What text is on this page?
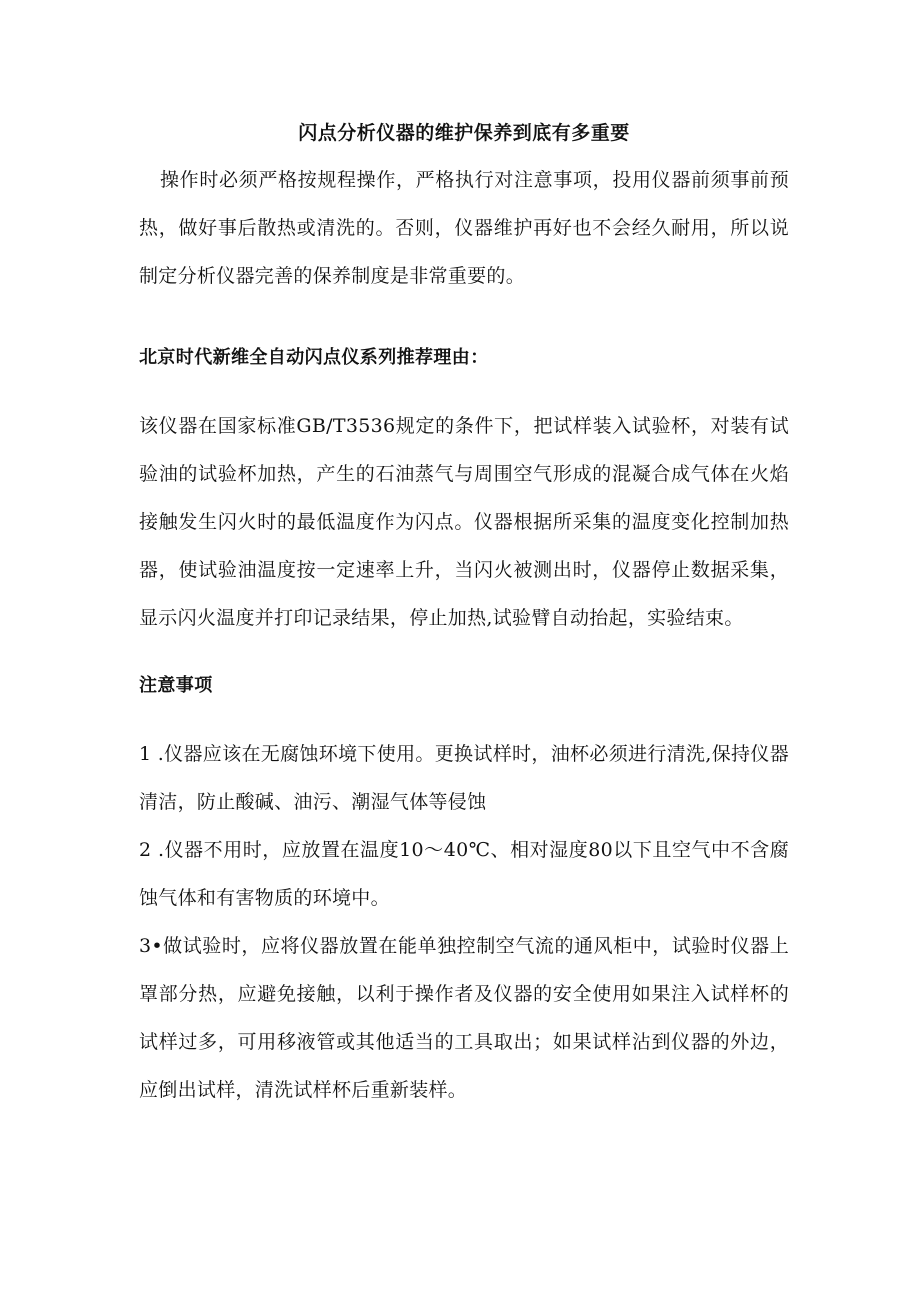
闪点分析仪器的维护保养到底有多重要

操作时必须严格按规程操作，严格执行对注意事项，投用仪器前须事前预热，做好事后散热或清洗的。否则，仪器维护再好也不会经久耐用，所以说制定分析仪器完善的保养制度是非常重要的。

北京时代新维全自动闪点仪系列推荐理由：

该仪器在国家标准GB/T3536规定的条件下，把试样装入试验杯，对装有试验油的试验杯加热，产生的石油蒸气与周围空气形成的混凝合成气体在火焰接触发生闪火时的最低温度作为闪点。仪器根据所采集的温度变化控制加热器，使试验油温度按一定速率上升，当闪火被测出时，仪器停止数据采集，显示闪火温度并打印记录结果，停止加热,试验臂自动抬起，实验结束。

注意事项

1 .仪器应该在无腐蚀环境下使用。更换试样时，油杯必须进行清洗,保持仪器清洁，防止酸碱、油污、潮湿气体等侵蚀

2 .仪器不用时，应放置在温度10～40℃、相对湿度80以下且空气中不含腐蚀气体和有害物质的环境中。

3•做试验时，应将仪器放置在能单独控制空气流的通风柜中，试验时仪器上罩部分热，应避免接触，以利于操作者及仪器的安全使用如果注入试样杯的试样过多，可用移液管或其他适当的工具取出；如果试样沾到仪器的外边，应倒出试样，清洗试样杯后重新装样。
